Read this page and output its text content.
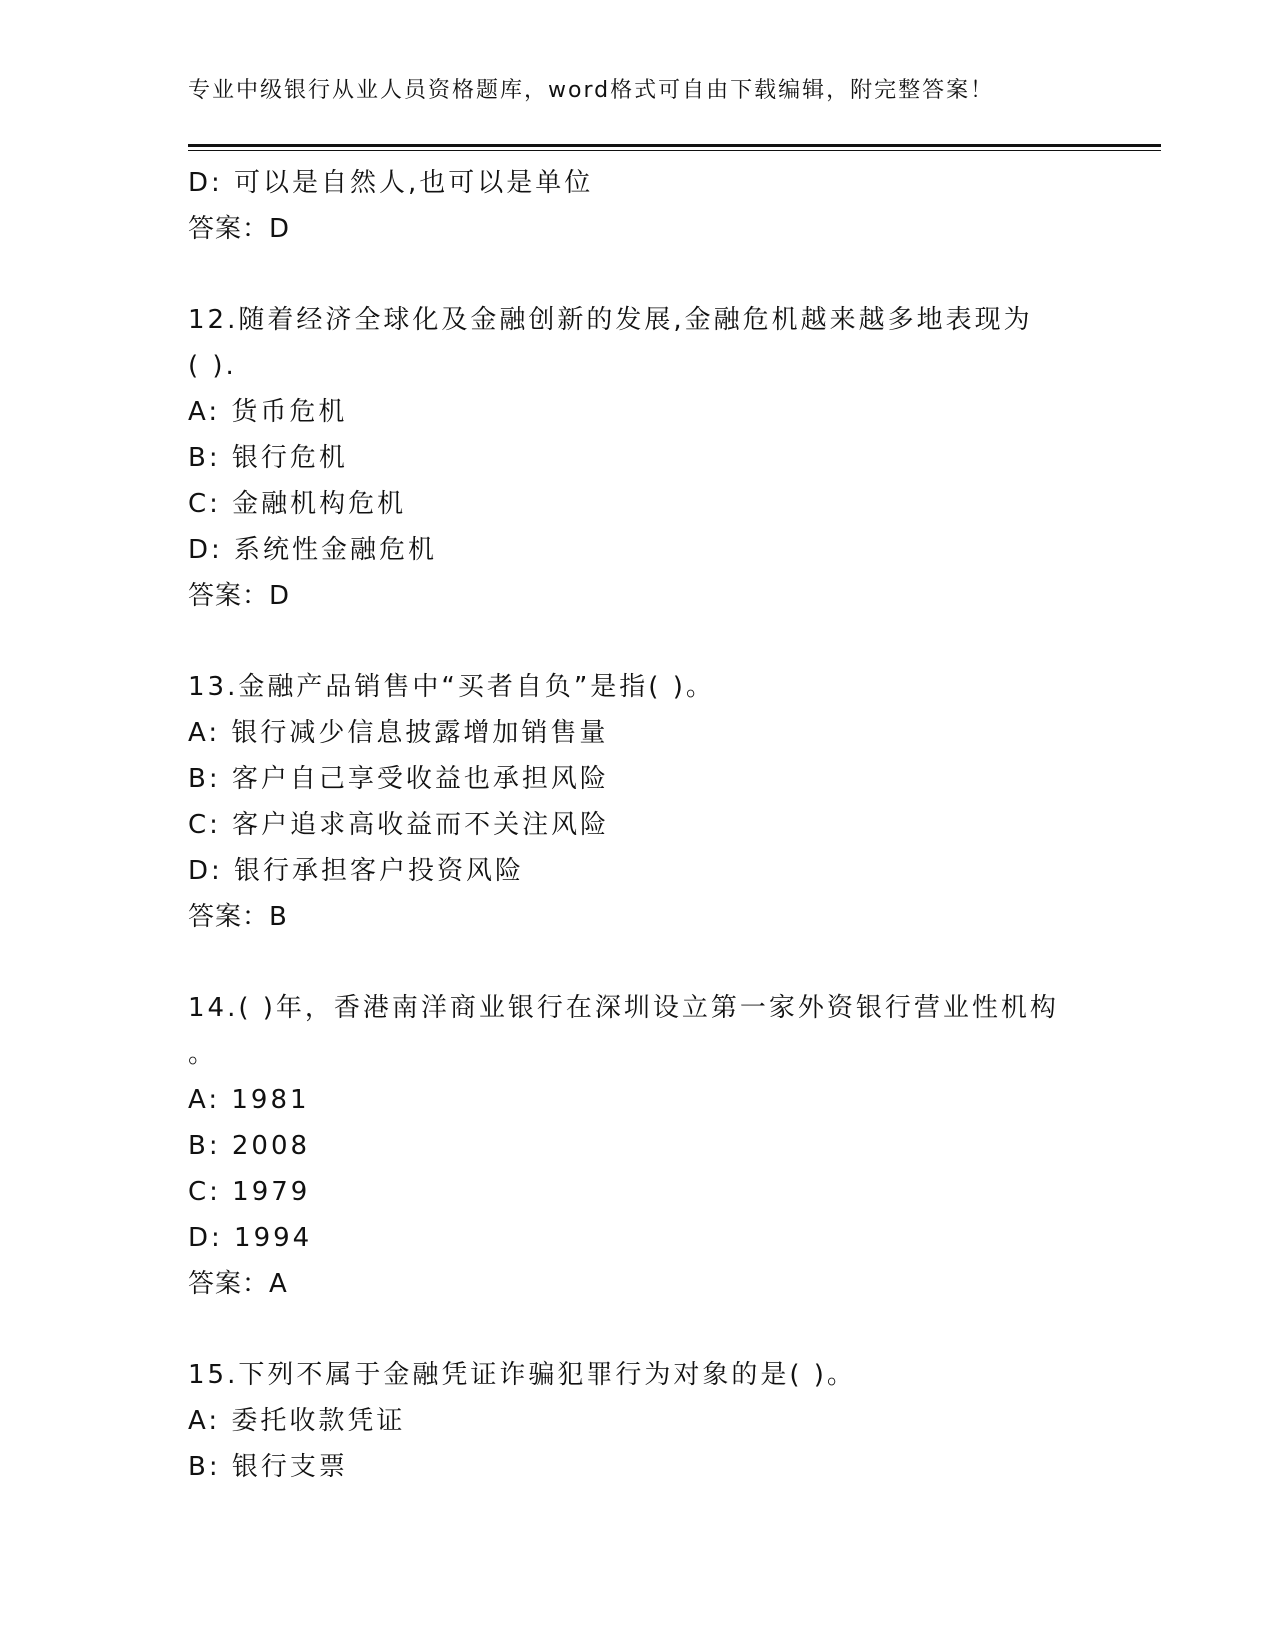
专业中级银行从业人员资格题库，word格式可自由下载编辑，附完整答案！
D: 可以是自然人,也可以是单位
答案：D
12.随着经济全球化及金融创新的发展,金融危机越来越多地表现为
( ).
A: 货币危机
B: 银行危机
C: 金融机构危机
D: 系统性金融危机
答案：D
13.金融产品销售中“买者自负”是指( )。
A: 银行减少信息披露增加销售量
B: 客户自己享受收益也承担风险
C: 客户追求高收益而不关注风险
D: 银行承担客户投资风险
答案：B
14.( )年，香港南洋商业银行在深圳设立第一家外资银行营业性机构
。
A: 1981
B: 2008
C: 1979
D: 1994
答案：A
15.下列不属于金融凭证诈骗犯罪行为对象的是( )。
A: 委托收款凭证
B: 银行支票
